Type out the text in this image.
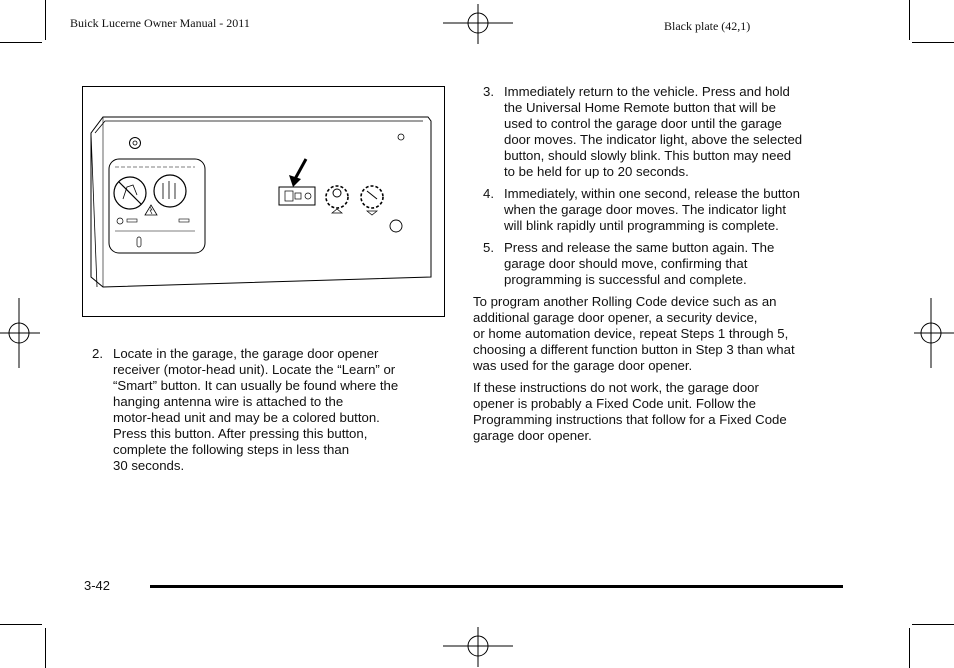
Buick Lucerne Owner Manual - 2011	Black plate (42,1)
2. Locate in the garage, the garage door opener
receiver (motor-head unit). Locate the “Learn” or
“Smart” button. It can usually be found where the
hanging antenna wire is attached to the
motor-head unit and may be a colored button.
Press this button. After pressing this button,
complete the following steps in less than
30 seconds.
3. Immediately return to the vehicle. Press and hold
the Universal Home Remote button that will be
used to control the garage door until the garage
door moves. The indicator light, above the selected
button, should slowly blink. This button may need
to be held for up to 20 seconds.
4. Immediately, within one second, release the button
when the garage door moves. The indicator light
will blink rapidly until programming is complete.
5. Press and release the same button again. The
garage door should move, confirming that
programming is successful and complete.
To program another Rolling Code device such as an
additional garage door opener, a security device,
or home automation device, repeat Steps 1 through 5,
choosing a different function button in Step 3 than what
was used for the garage door opener.
If these instructions do not work, the garage door
opener is probably a Fixed Code unit. Follow the
Programming instructions that follow for a Fixed Code
garage door opener.
3-42
